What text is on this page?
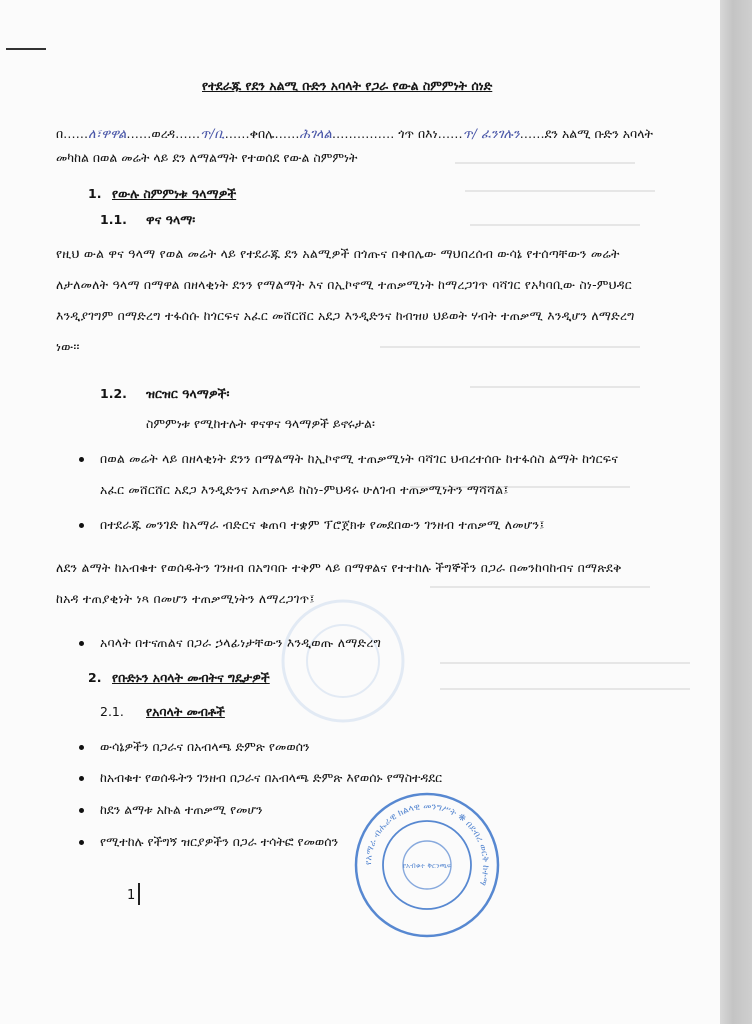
የተደራጁ የደን አልሚ ቡድን አባላት የጋራ የውል ስምምነት ሰነድ
በ……ለ፣ዋዋል……ወረዳ……ጥ/ቢ……ቀበሌ……ሕገላል…………… ጎጥ በእነ……ጥ/ ፈንገሉን……ደን አልሚ ቡድን አባላት
መካከል በወል መሬት ላይ ደን ለማልማት የተወሰደ የውል ስምምነት
1. የውሉ ስምምነቱ ዓላማዎች
1.1. ዋና ዓላማ፡
የዚህ ውል ዋና ዓላማ የወል መሬት ላይ የተደራጁ ደን አልሚዎች በጎጡና በቀበሌው ማህበረሰብ ውሳኔ የተሰጣቸውን መሬት
ለታለመለት ዓላማ በማዋል በዘላቂነት ደንን የማልማት እና በኢኮኖሚ ተጠቃሚነት ከማረጋገጥ ባሻገር የአካባቢው ስነ-ምህዳር
እንዲያገግም በማድረግ ተፋሰሱ ከጎርፍና አፈር መሸርሸር አደጋ እንዲድንና ከብዝሀ ህይወት ሃብት ተጠቃሚ እንዲሆን ለማድረግ
ነው፡፡
1.2. ዝርዝር ዓላማዎች፡
ስምምነቱ የሚከተሉት ዋናዋና ዓላማዎች ይኖሩታል፡
በወል መሬት ላይ በዘላቂነት ደንን በማልማት ከኢኮኖሚ ተጠቃሚነት ባሻገር ህብረተሰቡ ከተፋሰስ ልማት ከጎርፍና
አፈር መሸርሸር አደጋ እንዲድንና አጠቃላይ ከስነ-ምህዳሩ ሁለገብ ተጠቃሚነትን ማሻሻል፤
በተደራጁ መንገድ ከአማራ ብድርና ቁጠባ ተቋም ፕሮጀክቱ የመደበውን ገንዘብ ተጠቃሚ ለመሆን፤
ለደን ልማት ከአብቁተ የወሰዱትን ገንዘብ በአግባቡ ተቅም ላይ በማዋልና የተተከሉ ችግኞችን በጋራ በመንከባከብና በማጽደቅ
ከአዳ ተጠያቂነት ነጻ በመሆን ተጠቃሚነትን ለማረጋገጥ፤
አባላት በተናጠልና በጋራ ኃላፊነታቸውን እንዲወጡ ለማድረግ
2. የቡድኑን አባላት መብትና ግዴታዎች
2.1. የአባላት መብቶች
ውሳኔዎችን በጋራና በአብላጫ ድምጽ የመወሰን
ከአብቁተ የወሰዱትን ገንዘብ በጋራና በአብላጫ ድምጽ እየወሰኑ የማስተዳደር
ከደን ልማቱ አኩል ተጠቃሚ የመሆን
የሚተከሉ የችግኝ ዝርያዎችን በጋራ ተሳትፎ የመወሰን
የአማራ ብሔራዊ ክልላዊ መንግሥት ❋ በደብረ ወርቅ ከተማ
የአብቁተ ቅርንጫፍ
1
